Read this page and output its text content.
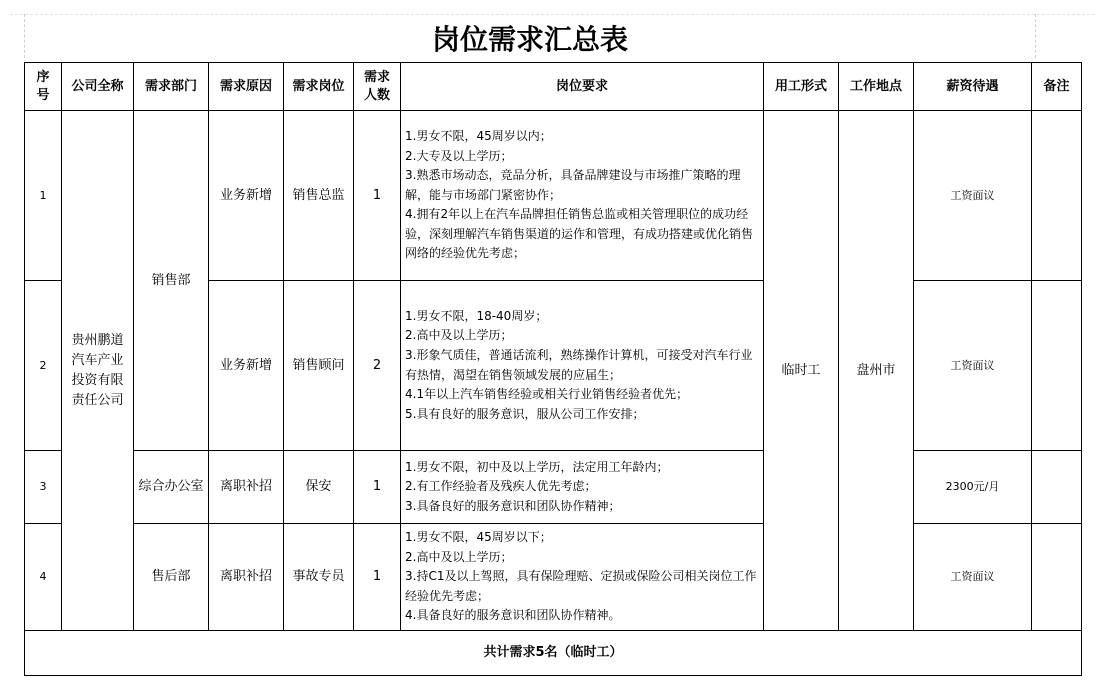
岗位需求汇总表
序号	公司全称	需求部门	需求原因	需求岗位	需求人数	岗位要求	用工形式	工作地点	薪资待遇	备注
1	贵州鹏道汽车产业投资有限责任公司	销售部	业务新增	销售总监	1	1.男女不限，45周岁以内；
2.大专及以上学历；
3.熟悉市场动态，竞品分析，具备品牌建设与市场推广策略的理解，能与市场部门紧密协作；
4.拥有2年以上在汽车品牌担任销售总监或相关管理职位的成功经验，深刻理解汽车销售渠道的运作和管理，有成功搭建或优化销售网络的经验优先考虑；	临时工	盘州市	工资面议	
2			业务新增	销售顾问	2	1.男女不限，18-40周岁；
2.高中及以上学历；
3.形象气质佳，普通话流利，熟练操作计算机，可接受对汽车行业有热情，渴望在销售领域发展的应届生；
4.1年以上汽车销售经验或相关行业销售经验者优先；
5.具有良好的服务意识，服从公司工作安排；			工资面议	
3		综合办公室	离职补招	保安	1	1.男女不限，初中及以上学历，法定用工年龄内；
2.有工作经验者及残疾人优先考虑；
3.具备良好的服务意识和团队协作精神；			2300元/月	
4		售后部	离职补招	事故专员	1	1.男女不限，45周岁以下；
2.高中及以上学历；
3.持C1及以上驾照，具有保险理赔、定损或保险公司相关岗位工作经验优先考虑；
4.具备良好的服务意识和团队协作精神。			工资面议	
共计需求5名（临时工）										
